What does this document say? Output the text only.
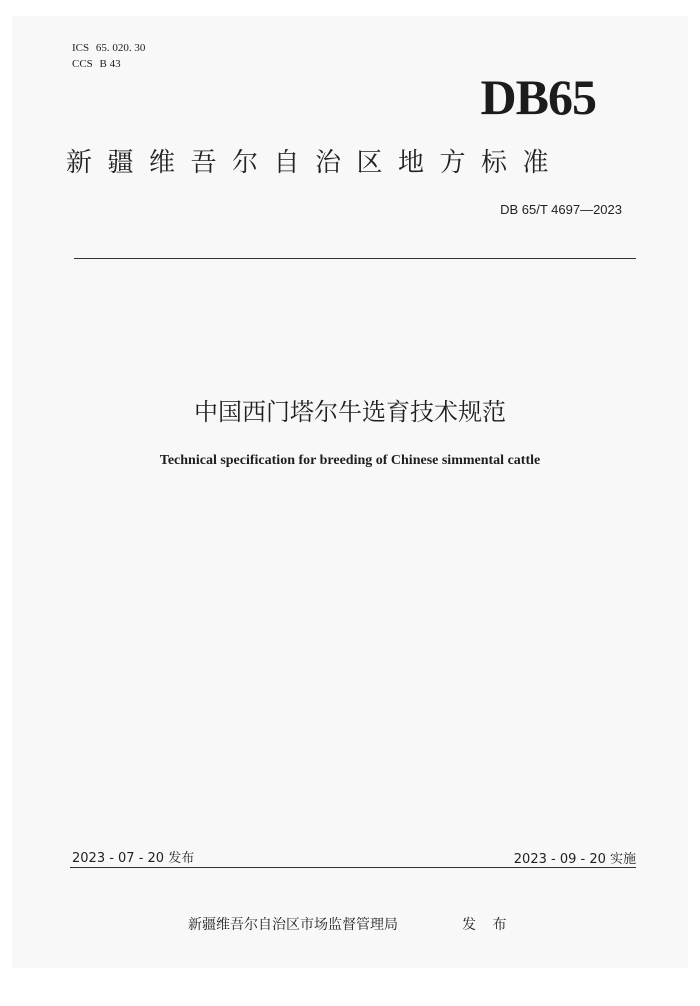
ICS 65. 020. 30
CCS B 43
DB65
新疆维吾尔自治区地方标准
DB 65/T 4697—2023
中国西门塔尔牛选育技术规范
Technical specification for breeding of Chinese simmental cattle
2023 - 07 - 20 发布	2023 - 09 - 20 实施
新疆维吾尔自治区市场监督管理局	发 布
